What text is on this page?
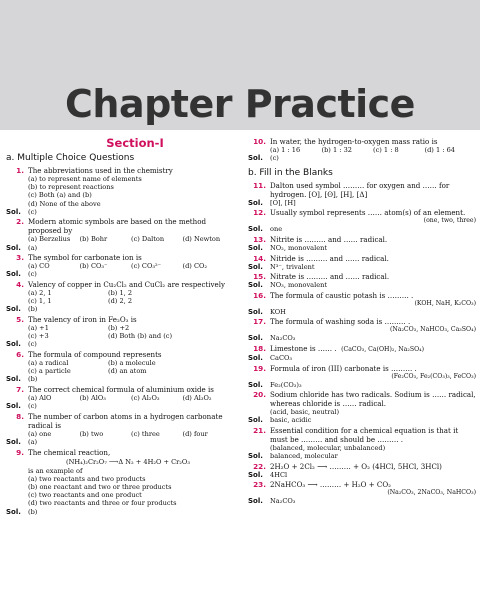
Chapter Practice
Section-I
a. Multiple Choice Questions
1. The abbreviations used in the chemistry
(a) to represent name of elements
(b) to represent reactions
(c) Both (a) and (b)
(d) None of the above
Sol. (c)
2. Modern atomic symbols are based on the method proposed by
(a) Berzelius	(b) Bohr	(c) Dalton	(d) Newton
Sol. (a)
3. The symbol for carbonate ion is
(a) CO	(b) CO₃⁻	(c) CO₃²⁻	(d) CO₂
Sol. (c)
4. Valency of copper in Cu₂Cl₂ and CuCl₂ are respectively
(a) 2, 1	(b) 1, 2
(c) 1, 1	(d) 2, 2
Sol. (b)
5. The valency of iron in Fe₂O₃ is
(a) +1	(b) +2
(c) +3	(d) Both (b) and (c)
Sol. (c)
6. The formula of compound represents
(a) a radical	(b) a molecule
(c) a particle	(d) an atom
Sol. (b)
7. The correct chemical formula of aluminium oxide is
(a) AlO	(b) AlO₃	(c) Al₂O₃	(d) Al₃O₂
Sol. (c)
8. The number of carbon atoms in a hydrogen carbonate radical is
(a) one	(b) two	(c) three	(d) four
Sol. (a)
9. The chemical reaction,
(NH₄)₂Cr₂O₇ ⟶Δ N₂ + 4H₂O + Cr₂O₃
is an example of
(a) two reactants and two products
(b) one reactant and two or three products
(c) two reactants and one product
(d) two reactants and three or four products
Sol. (b)
10. In water, the hydrogen-to-oxygen mass ratio is
(a) 1 : 16	(b) 1 : 32	(c) 1 : 8	(d) 1 : 64
Sol. (c)
b. Fill in the Blanks
11. Dalton used symbol ……… for oxygen and …… for hydrogen. [O], [ʘ], [H], [Δ]
Sol. [O], [H]
12. Usually symbol represents …… atom(s) of an element.
(one, two, three)
Sol. one
13. Nitrite is ……… and …… radical.
Sol. NO₂, monovalent
14. Nitride is ……… and …… radical.
Sol. N³⁻, trivalent
15. Nitrate is ……… and …… radical.
Sol. NO₃, monovalent
16. The formula of caustic potash is ……… .
(KOH, NaH, K₂CO₃)
Sol. KOH
17. The formula of washing soda is ……… .
(Na₂CO₃, NaHCO₃, Ca₃SO₄)
Sol. Na₂CO₃
18. Limestone is …… . (CaCO₃, Ca(OH)₂, Na₂SO₄)
Sol. CaCO₃
19. Formula of iron (III) carbonate is ……… .
(Fe₂CO₃, Fe₂(CO₃)₃, FeCO₃)
Sol. Fe₂(CO₃)₃
20. Sodium chloride has two radicals. Sodium is …… radical, whereas chloride is …… radical.
(acid, basic, neutral)
Sol. basic, acidic
21. Essential condition for a chemical equation is that it must be ……… and should be ……… .
(balanced, molecular, unbalanced)
Sol. balanced, molecular
22. 2H₂O + 2Cl₂ ⟶ ……… + O₂ (4HCl, 5HCl, 3HCl)
Sol. 4HCl
23. 2NaHCO₃ ⟶ ……… + H₂O + CO₂
(Na₂CO₃, 2NaCO₃, NaHCO₃)
Sol. Na₂CO₃
